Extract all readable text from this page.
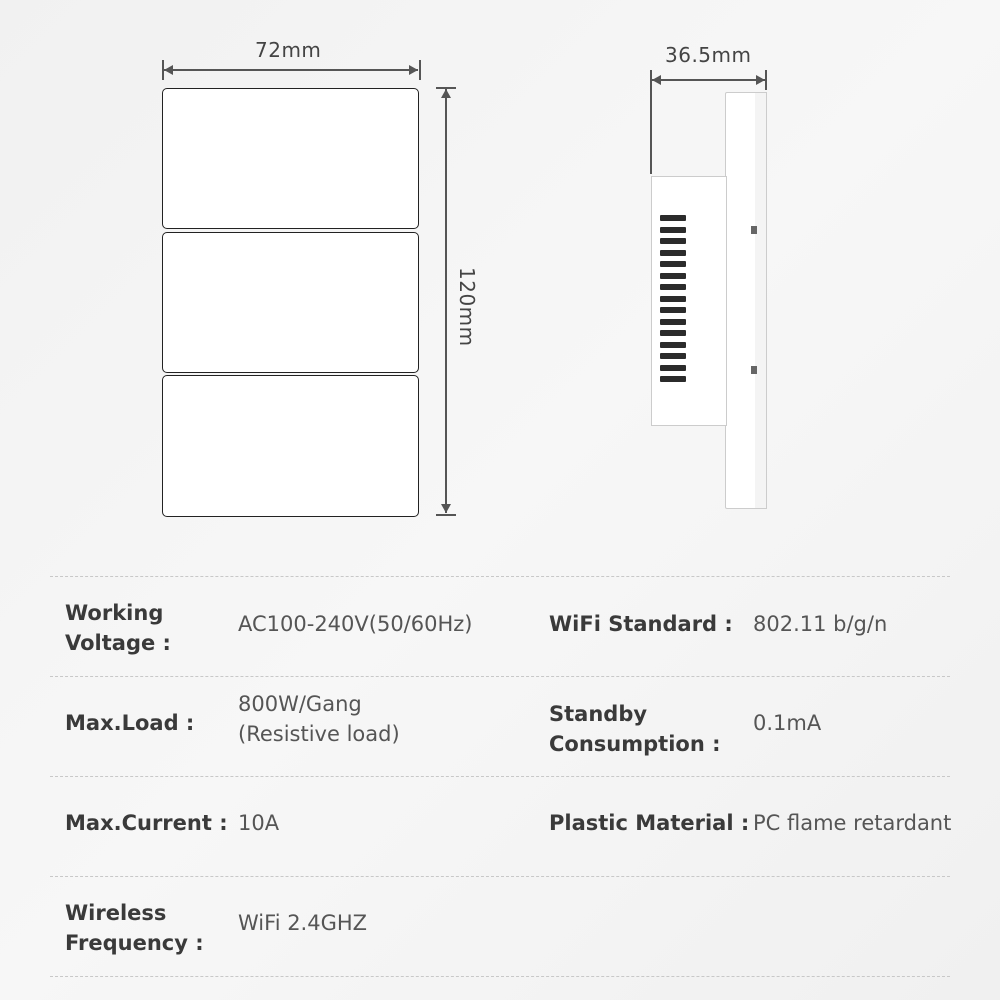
72mm
120mm
36.5mm
Working
Voltage :
AC100-240V(50/60Hz)	WiFi Standard : 802.11 b/g/n
Max.Load :
800W/Gang
(Resistive load)
Standby
Consumption :
0.1mA
Max.Current : 10A	Plastic Material : PC flame retardant
Wireless
Frequency :
WiFi 2.4GHZ
